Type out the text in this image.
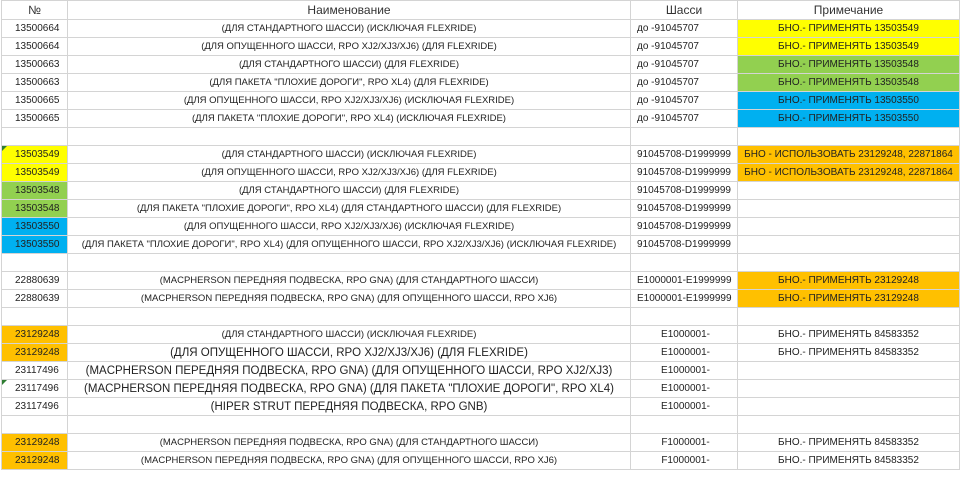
№	Наименование	Шасси	Примечание
13500664	(ДЛЯ СТАНДАРТНОГО ШАССИ) (ИСКЛЮЧАЯ FLEXRIDE)	до -91045707	БНО.- ПРИМЕНЯТЬ 13503549
13500664	(ДЛЯ ОПУЩЕННОГО ШАССИ, RPO XJ2/XJ3/XJ6) (ДЛЯ FLEXRIDE)	до -91045707	БНО.- ПРИМЕНЯТЬ 13503549
13500663	(ДЛЯ СТАНДАРТНОГО ШАССИ) (ДЛЯ FLEXRIDE)	до -91045707	БНО.- ПРИМЕНЯТЬ 13503548
13500663	(ДЛЯ ПАКЕТА "ПЛОХИЕ ДОРОГИ", RPO XL4) (ДЛЯ FLEXRIDE)	до -91045707	БНО.- ПРИМЕНЯТЬ 13503548
13500665	(ДЛЯ ОПУЩЕННОГО ШАССИ, RPO XJ2/XJ3/XJ6) (ИСКЛЮЧАЯ FLEXRIDE)	до -91045707	БНО.- ПРИМЕНЯТЬ 13503550
13500665	(ДЛЯ ПАКЕТА "ПЛОХИЕ ДОРОГИ", RPO XL4) (ИСКЛЮЧАЯ FLEXRIDE)	до -91045707	БНО.- ПРИМЕНЯТЬ 13503550

13503549	(ДЛЯ СТАНДАРТНОГО ШАССИ) (ИСКЛЮЧАЯ FLEXRIDE)	91045708-D1999999	БНО - ИСПОЛЬЗОВАТЬ 23129248, 22871864
13503549	(ДЛЯ ОПУЩЕННОГО ШАССИ, RPO XJ2/XJ3/XJ6) (ДЛЯ FLEXRIDE)	91045708-D1999999	БНО - ИСПОЛЬЗОВАТЬ 23129248, 22871864
13503548	(ДЛЯ СТАНДАРТНОГО ШАССИ) (ДЛЯ FLEXRIDE)	91045708-D1999999	
13503548	(ДЛЯ ПАКЕТА "ПЛОХИЕ ДОРОГИ", RPO XL4) (ДЛЯ СТАНДАРТНОГО ШАССИ) (ДЛЯ FLEXRIDE)	91045708-D1999999	
13503550	(ДЛЯ ОПУЩЕННОГО ШАССИ, RPO XJ2/XJ3/XJ6) (ИСКЛЮЧАЯ FLEXRIDE)	91045708-D1999999	
13503550	(ДЛЯ ПАКЕТА "ПЛОХИЕ ДОРОГИ", RPO XL4) (ДЛЯ ОПУЩЕННОГО ШАССИ, RPO XJ2/XJ3/XJ6) (ИСКЛЮЧАЯ FLEXRIDE)	91045708-D1999999	

22880639	(MACPHERSON ПЕРЕДНЯЯ ПОДВЕСКА, RPO GNA) (ДЛЯ СТАНДАРТНОГО ШАССИ)	E1000001-E1999999	БНО.- ПРИМЕНЯТЬ 23129248
22880639	(MACPHERSON ПЕРЕДНЯЯ ПОДВЕСКА, RPO GNA) (ДЛЯ ОПУЩЕННОГО ШАССИ, RPO XJ6)	E1000001-E1999999	БНО.- ПРИМЕНЯТЬ 23129248

23129248	(ДЛЯ СТАНДАРТНОГО ШАССИ) (ИСКЛЮЧАЯ FLEXRIDE)	E1000001-	БНО.- ПРИМЕНЯТЬ 84583352
23129248	(ДЛЯ ОПУЩЕННОГО ШАССИ, RPO XJ2/XJ3/XJ6) (ДЛЯ FLEXRIDE)	E1000001-	БНО.- ПРИМЕНЯТЬ 84583352
23117496	(MACPHERSON ПЕРЕДНЯЯ ПОДВЕСКА, RPO GNA) (ДЛЯ ОПУЩЕННОГО ШАССИ, RPO XJ2/XJ3)	E1000001-	

23117496	(MACPHERSON ПЕРЕДНЯЯ ПОДВЕСКА, RPO GNA) (ДЛЯ ПАКЕТА "ПЛОХИЕ ДОРОГИ", RPO XL4)	E1000001-	
23117496	(HIPER STRUT ПЕРЕДНЯЯ ПОДВЕСКА, RPO GNB)	E1000001-	

23129248	(MACPHERSON ПЕРЕДНЯЯ ПОДВЕСКА, RPO GNA) (ДЛЯ СТАНДАРТНОГО ШАССИ)	F1000001-	БНО.- ПРИМЕНЯТЬ 84583352
23129248	(MACPHERSON ПЕРЕДНЯЯ ПОДВЕСКА, RPO GNA) (ДЛЯ ОПУЩЕННОГО ШАССИ, RPO XJ6)	F1000001-	БНО.- ПРИМЕНЯТЬ 84583352
